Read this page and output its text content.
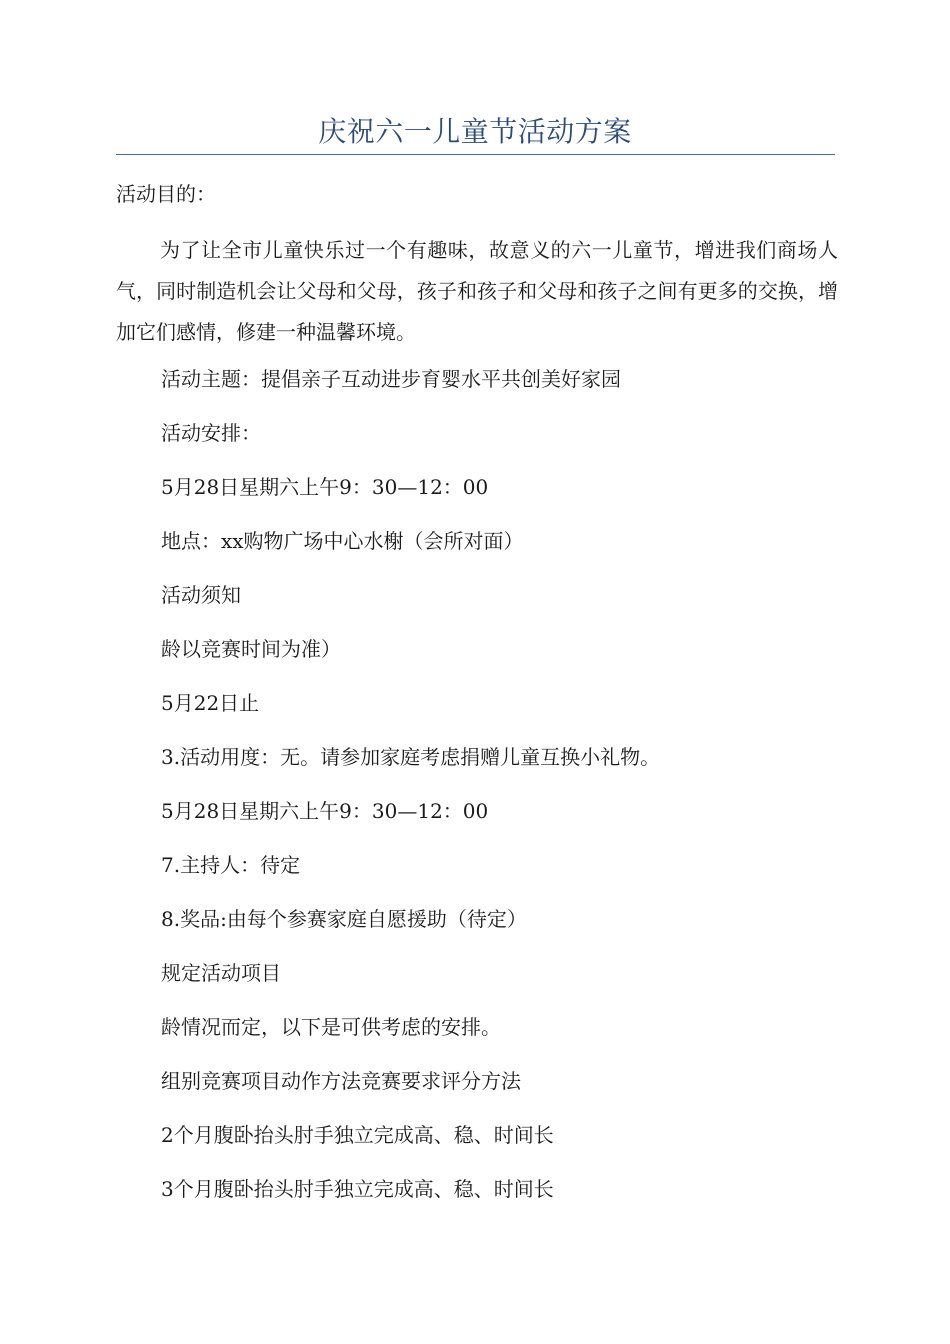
庆祝六一儿童节活动方案

活动目的：

为了让全市儿童快乐过一个有趣味，故意义的六一儿童节，增进我们商场人气，同时制造机会让父母和父母，孩子和孩子和父母和孩子之间有更多的交换，增加它们感情，修建一种温馨环境。

活动主题：提倡亲子互动进步育婴水平共创美好家园

活动安排：

5月28日星期六上午9：30—12：00

地点：xx购物广场中心水榭（会所对面）

活动须知

龄以竞赛时间为准）

5月22日止

3.活动用度：无。请参加家庭考虑捐赠儿童互换小礼物。

5月28日星期六上午9：30—12：00

7.主持人：待定

8.奖品:由每个参赛家庭自愿援助（待定）

规定活动项目

龄情况而定，以下是可供考虑的安排。

组别竞赛项目动作方法竞赛要求评分方法

2个月腹卧抬头肘手独立完成高、稳、时间长

3个月腹卧抬头肘手独立完成高、稳、时间长
